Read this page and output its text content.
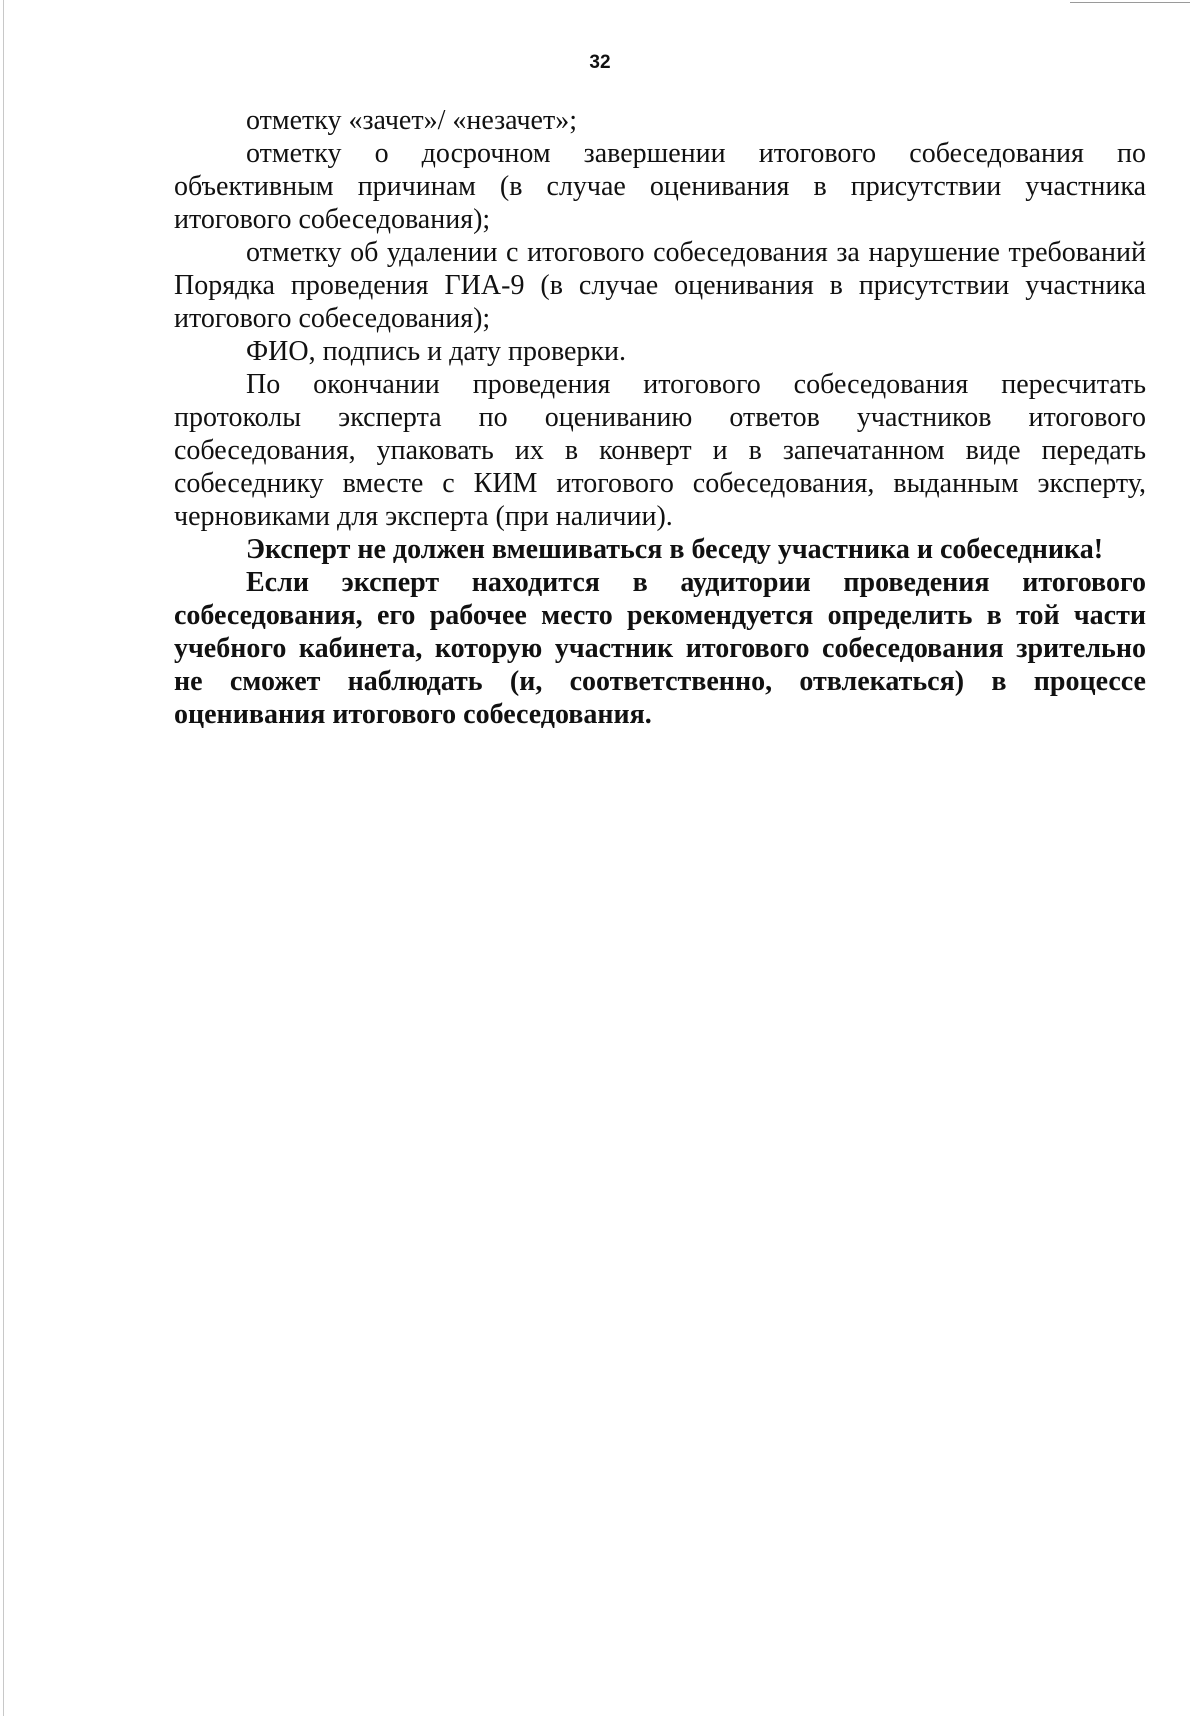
32

отметку «зачет»/ «незачет»;

отметку о досрочном завершении итогового собеседования по объективным причинам (в случае оценивания в присутствии участника итогового собеседования);

отметку об удалении с итогового собеседования за нарушение требований Порядка проведения ГИА-9 (в случае оценивания в присутствии участника итогового собеседования);

ФИО, подпись и дату проверки.

По окончании проведения итогового собеседования пересчитать протоколы эксперта по оцениванию ответов участников итогового собеседования, упаковать их в конверт и в запечатанном виде передать собеседнику вместе с КИМ итогового собеседования, выданным эксперту, черновиками для эксперта (при наличии).

Эксперт не должен вмешиваться в беседу участника и собеседника!

Если эксперт находится в аудитории проведения итогового собеседования, его рабочее место рекомендуется определить в той части учебного кабинета, которую участник итогового собеседования зрительно не сможет наблюдать (и, соответственно, отвлекаться) в процессе оценивания итогового собеседования.
